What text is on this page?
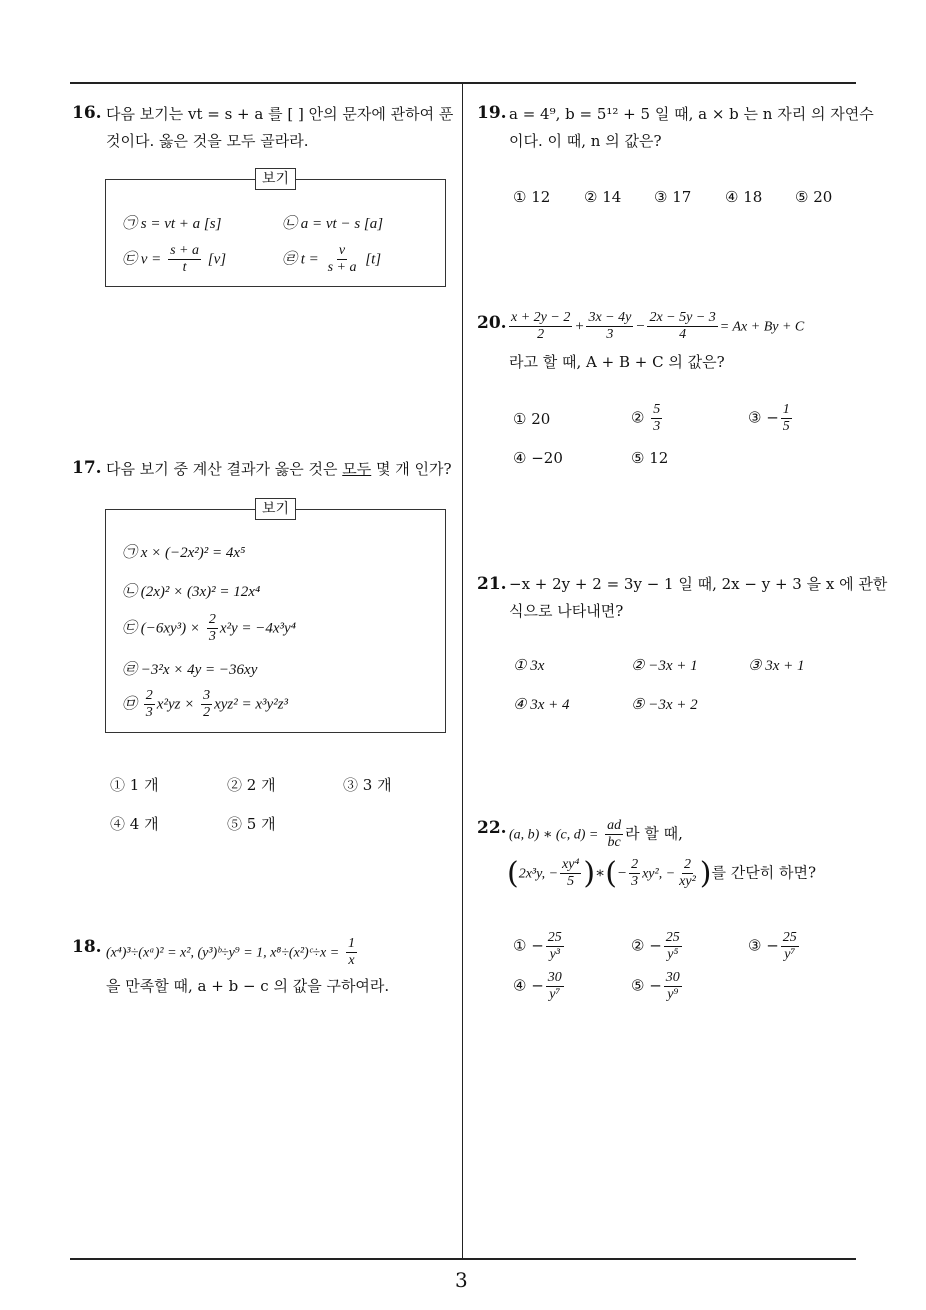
3
16. 다음 보기는 vt = s + a 를 [ ] 안의 문자에 관하여 푼
것이다. 옳은 것을 모두 골라라.
보기
㉠ s = vt + a [s]	㉡ a = vt − s [a]
㉢ $v = \frac{s + a}{t} [v]$	㉣ $t = \frac{v}{s + a} [t]$
17. 다음 보기 중 계산 결과가 옳은 것은 모두 몇 개 인가?
보기
㉠ x × (−2x²)² = 4x⁵
㉡ (2x)² × (3x)² = 12x⁴
㉢ $(-6xy^3) \times \frac{2}{3} x^2y = -4x^3y^4$
㉣ −3²x × 4y = −36xy
㉤ $\frac{2}{3} x^2yz \times \frac{3}{2} xyz^2 = x^3y^2z^3$
① 1 개	② 2 개	③ 3 개
④ 4 개	⑤ 5 개
18. (x⁴)³÷(xᵃ)² = x², (y³)ᵇ÷y⁹ = 1, x⁸÷(x²)ᶜ÷x = $\frac{1}{x}$
을 만족할 때, a + b − c 의 값을 구하여라.
19. a = 4⁹, b = 5¹² + 5 일 때, a × b 는 n 자리 의 자연수
이다. 이 때, n 의 값은?
① 12 ② 14 ③ 17 ④ 18 ⑤ 20
20. $\frac{x + 2y - 2}{2} + \frac{3x - 4y}{3} - \frac{2x - 5y - 3}{4} = Ax + By + C$
라고 할 때, A + B + C 의 값은?
① 20	② $\frac{5}{3}$	③ − $\frac{1}{5}$
④ −20	⑤ 12
21. −x + 2y + 2 = 3y − 1 일 때, 2x − y + 3 을 x 에 관한
식으로 나타내면?
① 3x	② −3x + 1	③ 3x + 1
④ 3x + 4	⑤ −3x + 2
22. (a, b) ∗ (c, $d) = \frac{ad}{bc}$ 라 할 때,
(2x³y, − $\frac{\text{xy⁴}}{5}$ )∗(− $\frac{2}{3} xy^2$, − $\frac{2}{\text{xy²}}$ )를 간단히 하면?
① − $\frac{25}{\text{y³}}$	② − $\frac{25}{\text{y⁵}}$	③ − $\frac{25}{\text{y⁷}}$
④ − $\frac{30}{\text{y⁷}}$	⑤ − $\frac{30}{\text{y⁹}}$
